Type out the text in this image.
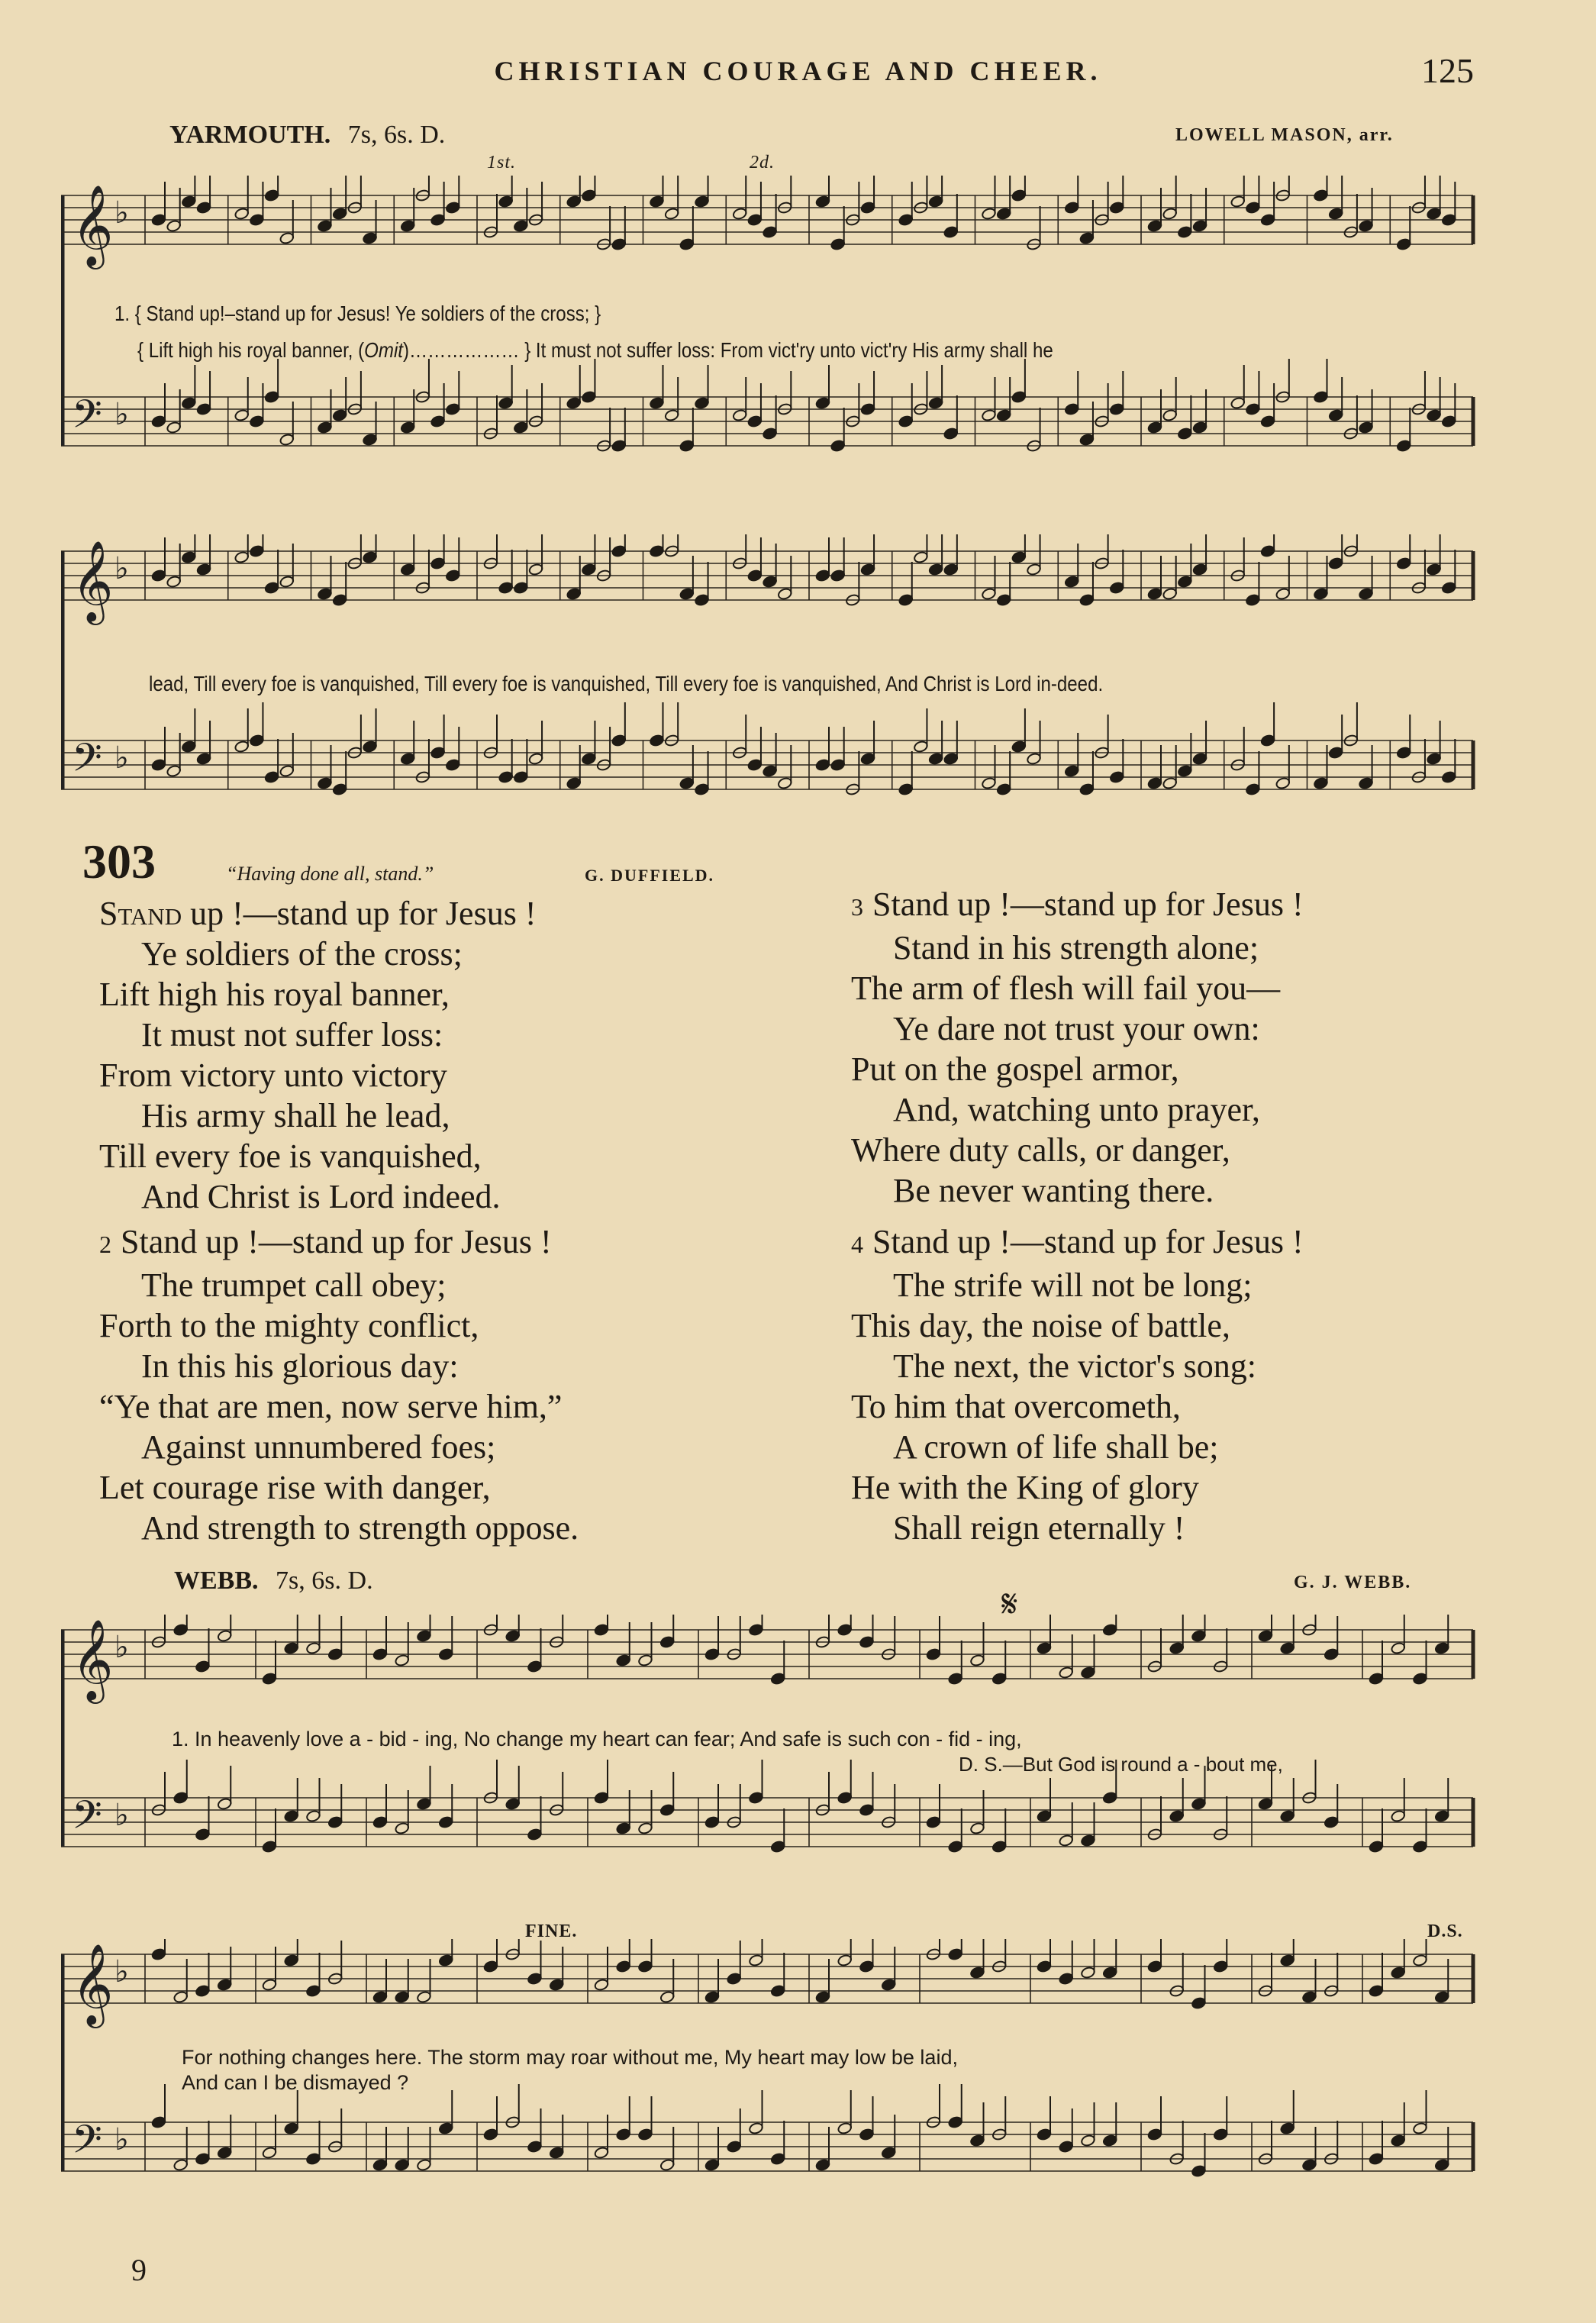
CHRISTIAN COURAGE AND CHEER.	125
YARMOUTH. 7s, 6s. D.	LOWELL MASON, arr.
1st.	2d.
𝄞 ♭
𝄢 ♭
1. { Stand up!–stand up for Jesus! Ye soldiers of the cross; }
{ Lift high his royal banner, (Omit)……………… } It must not suffer loss: From vict'ry unto vict'ry His army shall he
𝄞 ♭
𝄢 ♭
lead, Till every foe is vanquished, Till every foe is vanquished, Till every foe is vanquished, And Christ is Lord in-deed.
303	“Having done all, stand.”	G. DUFFIELD.
Stand up !—stand up for Jesus !
Ye soldiers of the cross;
Lift high his royal banner,
It must not suffer loss:
From victory unto victory
His army shall he lead,
Till every foe is vanquished,
And Christ is Lord indeed.
2 Stand up !—stand up for Jesus !
The trumpet call obey;
Forth to the mighty conflict,
In this his glorious day:
“Ye that are men, now serve him,”
Against unnumbered foes;
Let courage rise with danger,
And strength to strength oppose.
3 Stand up !—stand up for Jesus !
Stand in his strength alone;
The arm of flesh will fail you—
Ye dare not trust your own:
Put on the gospel armor,
And, watching unto prayer,
Where duty calls, or danger,
Be never wanting there.
4 Stand up !—stand up for Jesus !
The strife will not be long;
This day, the noise of battle,
The next, the victor's song:
To him that overcometh,
A crown of life shall be;
He with the King of glory
Shall reign eternally !
WEBB. 7s, 6s. D.	G. J. WEBB.
𝄋
𝄞 ♭
𝄢 ♭
1. In heavenly love a - bid - ing, No change my heart can fear; And safe is such con - fid - ing,
D. S.—But God is round a - bout me,
FINE.	D.S.
𝄞 ♭
𝄢 ♭
For nothing changes here. The storm may roar without me, My heart may low be laid,
And can I be dismayed ?
9
